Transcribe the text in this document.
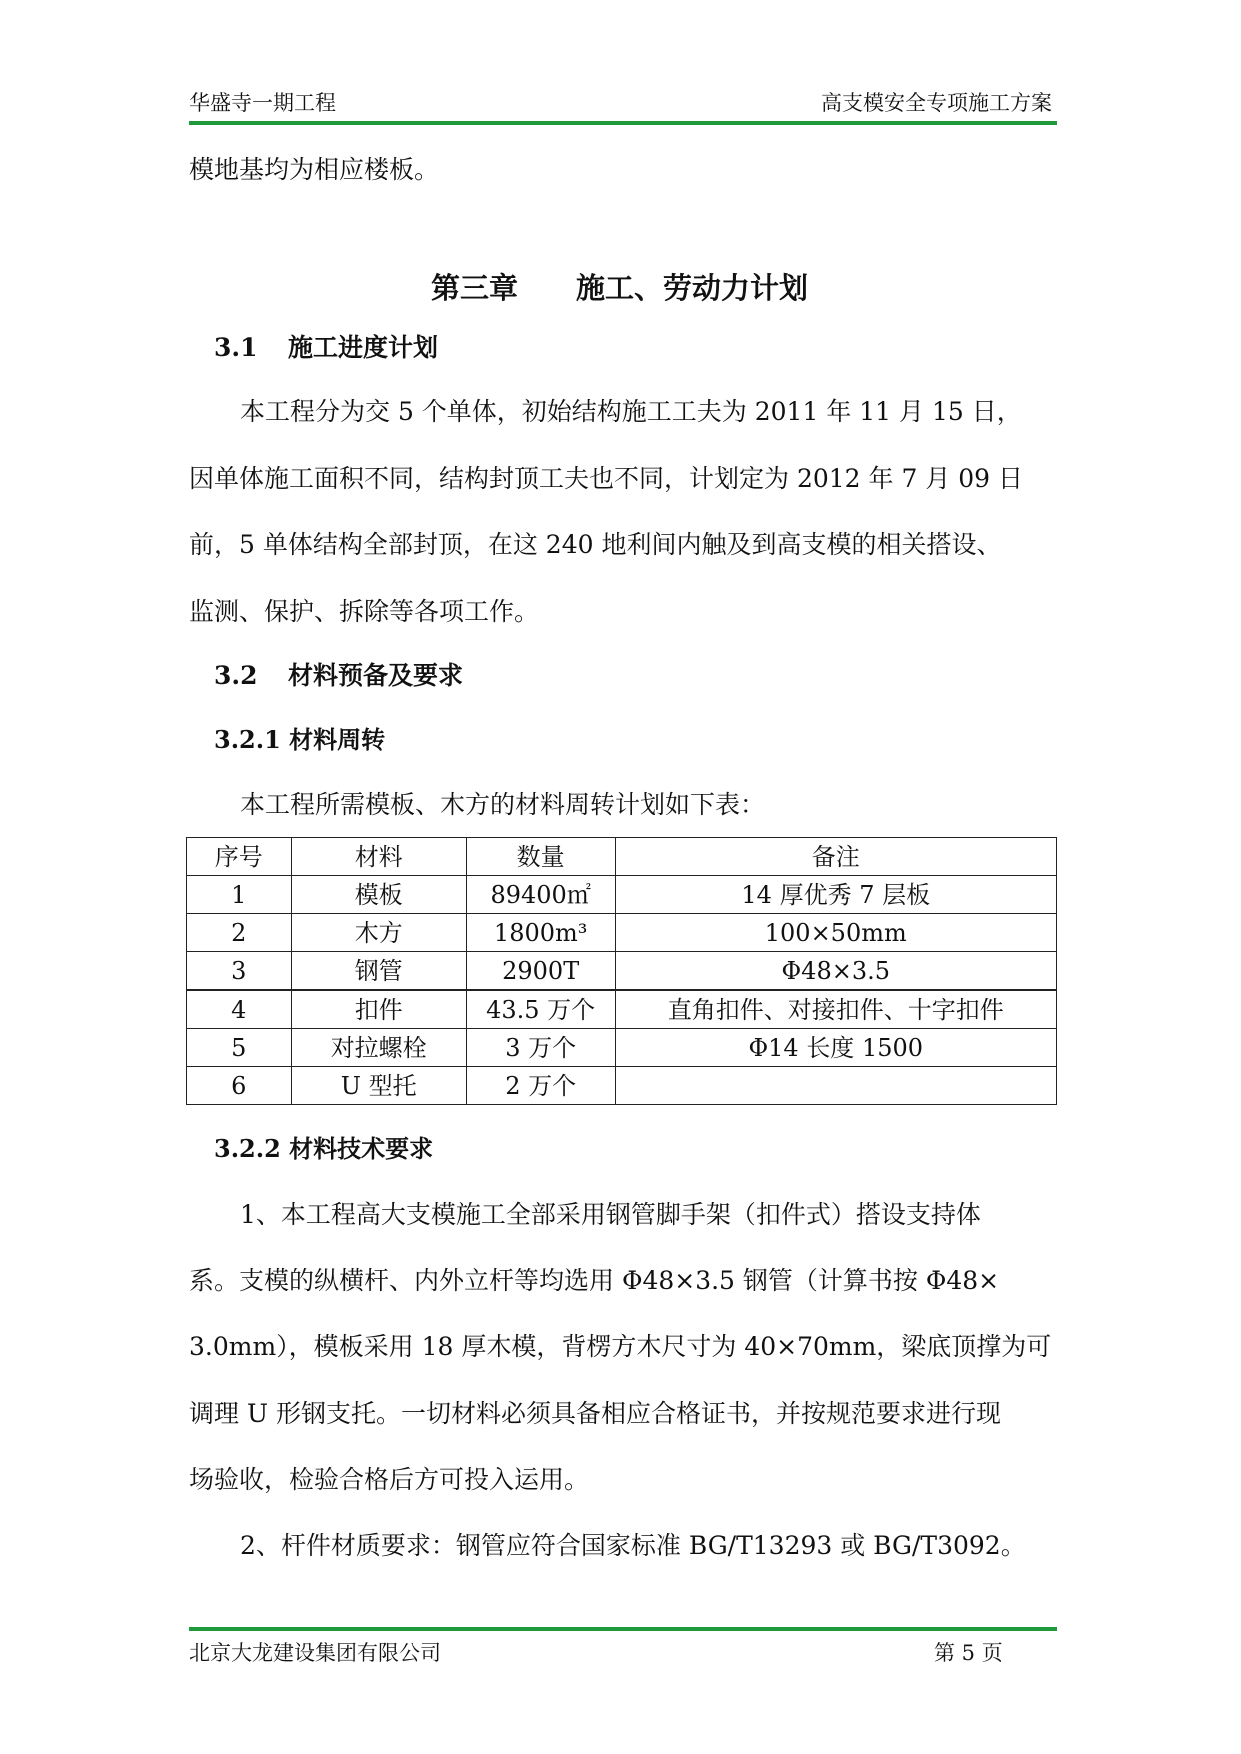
华盛寺一期工程	高支模安全专项施工方案
模地基均为相应楼板。
第三章　　施工、劳动力计划
3.1 施工进度计划
本工程分为交 5 个单体，初始结构施工工夫为 2011 年 11 月 15 日，
因单体施工面积不同，结构封顶工夫也不同，计划定为 2012 年 7 月 09 日
前，5 单体结构全部封顶，在这 240 地利间内触及到高支模的相关搭设、
监测、保护、拆除等各项工作。
3.2 材料预备及要求
3.2.1 材料周转
本工程所需模板、木方的材料周转计划如下表：
序号	材料	数量	备注
1	模板	89400㎡	14 厚优秀 7 层板
2	木方	1800m³	100×50mm
3	钢管	2900T	Φ48×3.5
4	扣件	43.5 万个	直角扣件、对接扣件、十字扣件
5	对拉螺栓	3 万个	Φ14 长度 1500
6	U 型托	2 万个	
3.2.2 材料技术要求
1、本工程高大支模施工全部采用钢管脚手架（扣件式）搭设支持体
系。支模的纵横杆、内外立杆等均选用 Φ48×3.5 钢管（计算书按 Φ48×
3.0mm），模板采用 18 厚木模，背楞方木尺寸为 40×70mm，梁底顶撑为可
调理 U 形钢支托。一切材料必须具备相应合格证书，并按规范要求进行现
场验收，检验合格后方可投入运用。
2、杆件材质要求：钢管应符合国家标准 BG/T13293 或 BG/T3092。
北京大龙建设集团有限公司	第 5 页
